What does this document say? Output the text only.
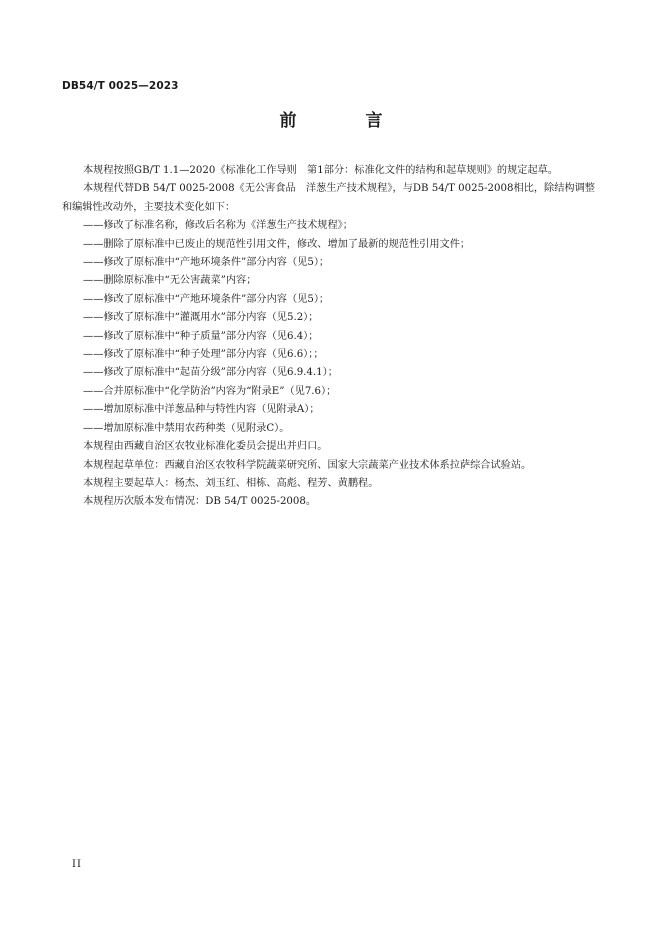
DB54/T 0025—2023
前　言

本规程按照GB/T 1.1—2020《标准化工作导则　第1部分：标准化文件的结构和起草规则》的规定起草。

本规程代替DB 54/T 0025-2008《无公害食品　洋葱生产技术规程》，与DB 54/T 0025-2008相比，除结构调整和编辑性改动外，主要技术变化如下：

——修改了标准名称，修改后名称为《洋葱生产技术规程》；

——删除了原标准中已废止的规范性引用文件，修改、增加了最新的规范性引用文件；

——修改了原标准中“产地环境条件”部分内容（见5）；

——删除原标准中“无公害蔬菜”内容；

——修改了原标准中“产地环境条件”部分内容（见5）；

——修改了原标准中“灌溉用水”部分内容（见5.2）；

——修改了原标准中“种子质量”部分内容（见6.4）；

——修改了原标准中“种子处理”部分内容（见6.6）；；

——修改了原标准中“起苗分级”部分内容（见6.9.4.1）；

——合并原标准中“化学防治”内容为“附录E”（见7.6）；

——增加原标准中洋葱品种与特性内容（见附录A）；

——增加原标准中禁用农药种类（见附录C）。

本规程由西藏自治区农牧业标准化委员会提出并归口。

本规程起草单位：西藏自治区农牧科学院蔬菜研究所、国家大宗蔬菜产业技术体系拉萨综合试验站。

本规程主要起草人：杨杰、刘玉红、相栋、高彪、程芳、黄鹏程。

本规程历次版本发布情况：DB 54/T 0025-2008。

II
